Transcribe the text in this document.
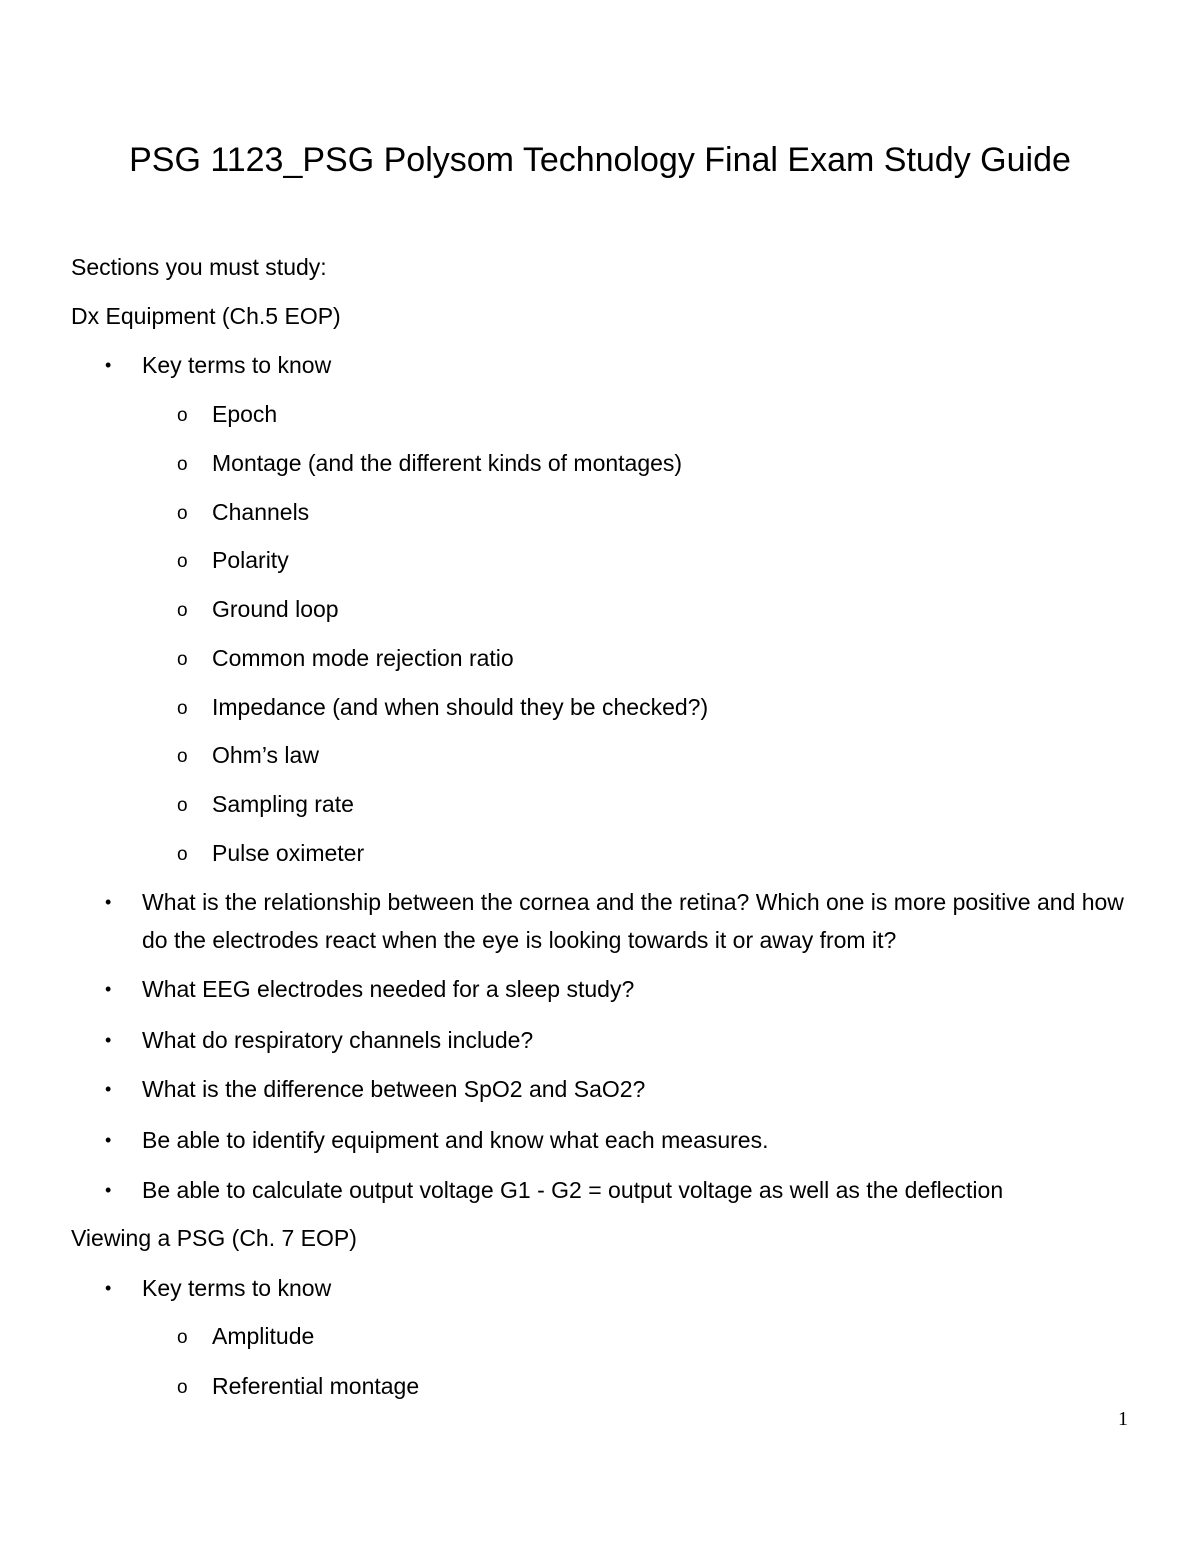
PSG 1123_PSG Polysom Technology Final Exam Study Guide
Sections you must study:
Dx Equipment (Ch.5 EOP)
•	Key terms to know
o	Epoch
o	Montage (and the different kinds of montages)
o	Channels
o	Polarity
o	Ground loop
o	Common mode rejection ratio
o	Impedance (and when should they be checked?)
o	Ohm’s law
o	Sampling rate
o	Pulse oximeter
•	What is the relationship between the cornea and the retina? Which one is more positive and how do the electrodes react when the eye is looking towards it or away from it?
•	What EEG electrodes needed for a sleep study?
•	What do respiratory channels include?
•	What is the difference between SpO2 and SaO2?
•	Be able to identify equipment and know what each measures.
•	Be able to calculate output voltage G1 - G2 = output voltage as well as the deflection
Viewing a PSG (Ch. 7 EOP)
•	Key terms to know
o	Amplitude
o	Referential montage
1
